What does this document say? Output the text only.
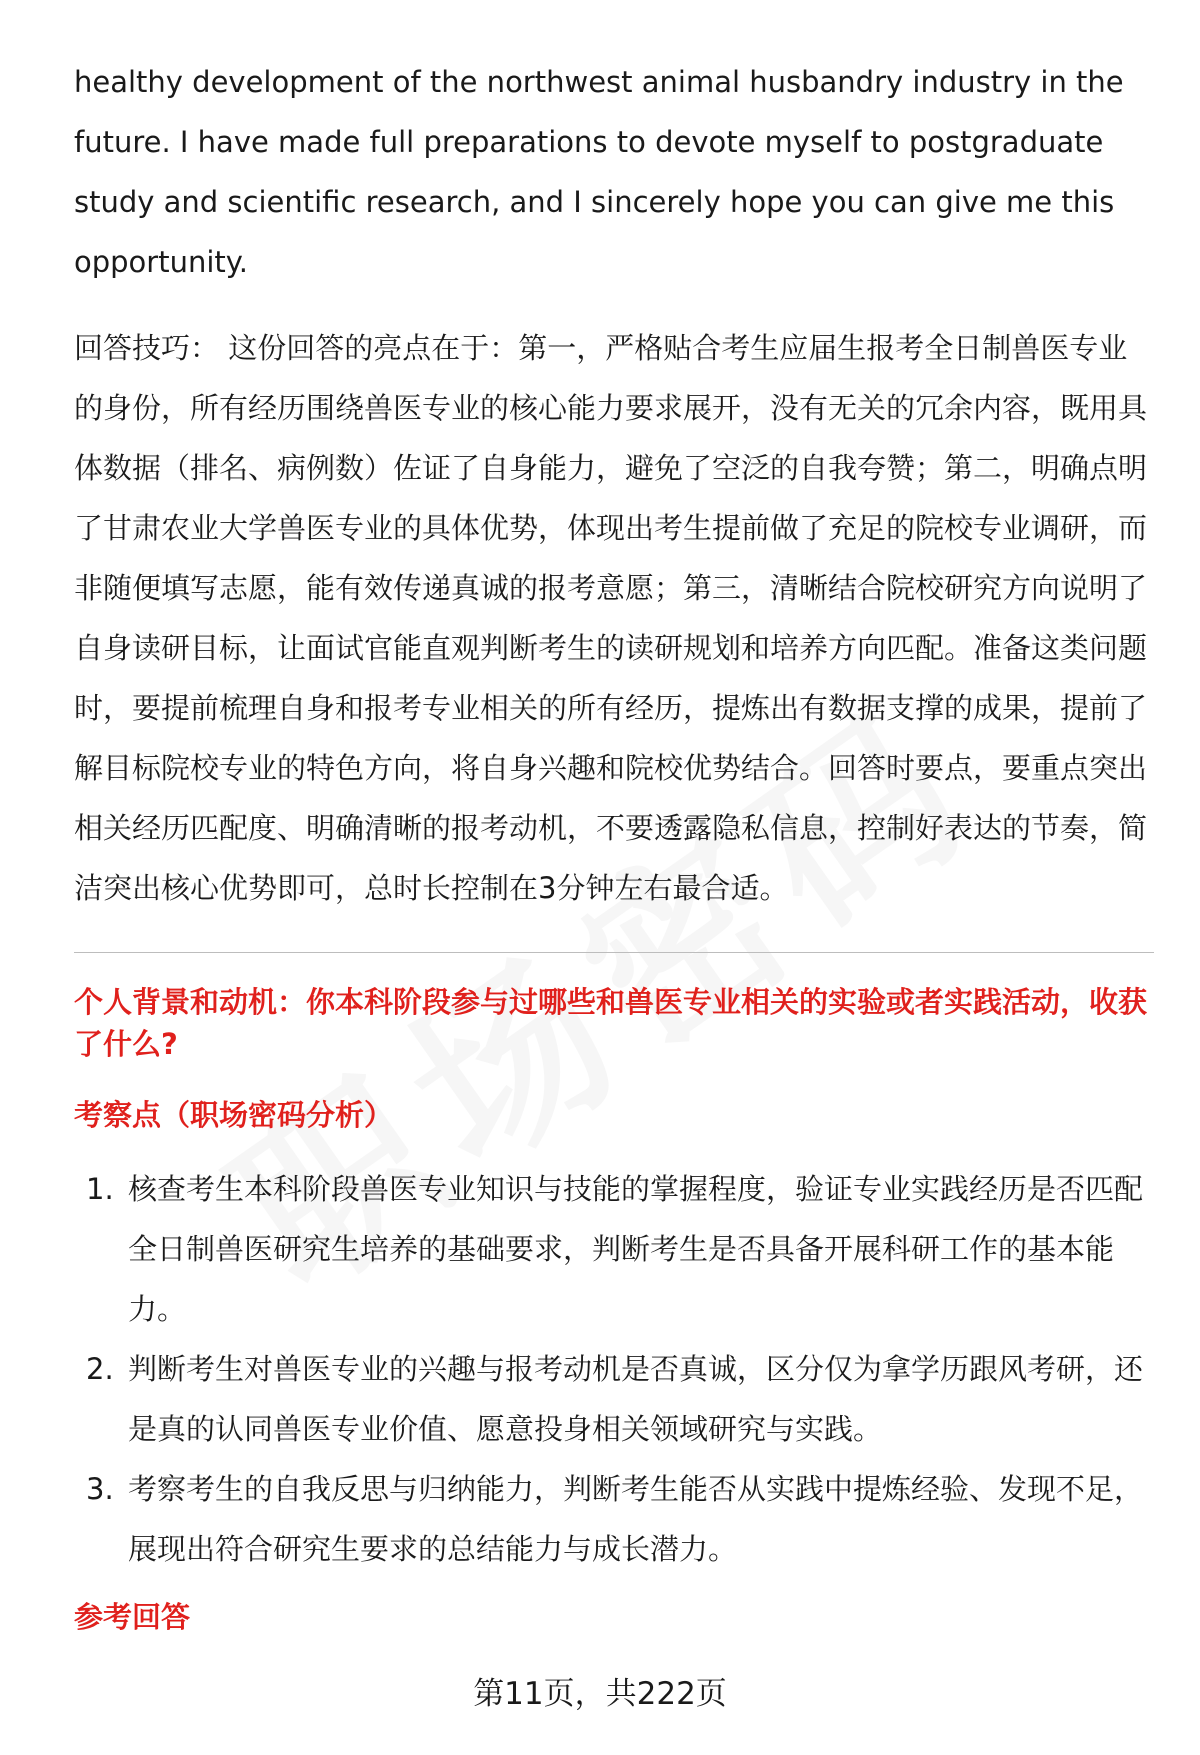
healthy development of the northwest animal husbandry industry in the future. I have made full preparations to devote myself to postgraduate study and scientific research, and I sincerely hope you can give me this opportunity.

回答技巧： 这份回答的亮点在于：第一，严格贴合考生应届生报考全日制兽医专业的身份，所有经历围绕兽医专业的核心能力要求展开，没有无关的冗余内容，既用具体数据（排名、病例数）佐证了自身能力，避免了空泛的自我夸赞；第二，明确点明了甘肃农业大学兽医专业的具体优势，体现出考生提前做了充足的院校专业调研，而非随便填写志愿，能有效传递真诚的报考意愿；第三，清晰结合院校研究方向说明了自身读研目标，让面试官能直观判断考生的读研规划和培养方向匹配。准备这类问题时，要提前梳理自身和报考专业相关的所有经历，提炼出有数据支撑的成果，提前了解目标院校专业的特色方向，将自身兴趣和院校优势结合。回答时要点，要重点突出相关经历匹配度、明确清晰的报考动机，不要透露隐私信息，控制好表达的节奏，简洁突出核心优势即可，总时长控制在3分钟左右最合适。

个人背景和动机：你本科阶段参与过哪些和兽医专业相关的实验或者实践活动，收获了什么?

考察点（职场密码分析）

1. 核查考生本科阶段兽医专业知识与技能的掌握程度，验证专业实践经历是否匹配全日制兽医研究生培养的基础要求，判断考生是否具备开展科研工作的基本能力。
2. 判断考生对兽医专业的兴趣与报考动机是否真诚，区分仅为拿学历跟风考研，还是真的认同兽医专业价值、愿意投身相关领域研究与实践。
3. 考察考生的自我反思与归纳能力，判断考生能否从实践中提炼经验、发现不足，展现出符合研究生要求的总结能力与成长潜力。

参考回答

第11页，共222页
